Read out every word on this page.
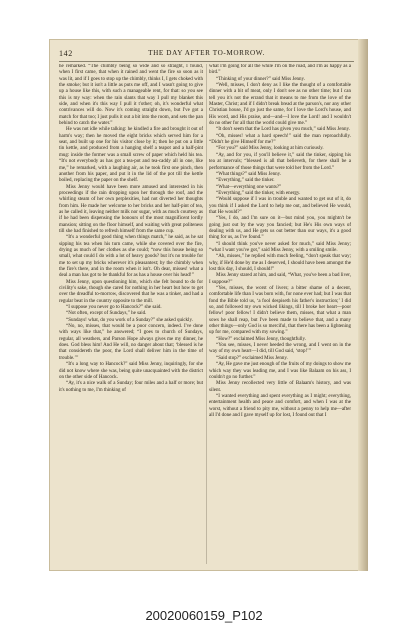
142	THE DAY AFTER TO-MORROW.

he remarked. “The chimbly being so wide and so straight, I found, when I first came, that when it rained and went the fire so soon as it was lit, and if I goes to stop up the chimbly, thinks I, I gets choked with the smoke; but it isn't a little as puts me off, and I wasn't going to give up a house like this, with such a manageable rent, for that: so you see this is my way: when the rain slants that way I pull my blanket this side, and when it's this way I pull it t'other; oh, it's wonderful what contrivances will do. Now it's coming straight down, but I've got a match for that too; I just pulls it out a bit into the room, and sets the pan behind to catch the water.”

He was not idle while talking: he kindled a fire and brought it out of harm's way; then he moved the eight bricks which served him for a seat, and built up one for his visitor close by it; then he put on a little tin kettle, and produced from a hanging shelf a teapot and a half-pint mug: inside the former was a small screw of paper which held his tea. “It's not everybody as has got a tea-pot and tea-caddy all in one, like me,” he remarked, with a laughing air, as he took first one pinch, then another from his paper, and put it in the lid of the pot till the kettle boiled, replacing the paper on the shelf.

Miss Jenny would have been more amused and interested in his proceedings if the rain dropping upon her through the roof, and the whirling steam of her own perplexities, had not diverted her thoughts from him. He made her welcome to her bricks and her half-pint of tea, as he called it, leaving neither milk nor sugar, with as much courtesy as if he had been dispensing the honours of the most magnificent lordly mansion; sitting on the floor himself, and waiting with great politeness till she had finished to refresh himself from the same cup.

“It's a wonderful good thing when things match,” he said, as he sat sipping his tea when his turn came, while she covered over the fire, drying as much of her clothes as she could; “now this house being so small, what could I do with a lot of heavy goods? but it's no trouble for me to set up my bricks wherever it's pleasantest; by the chimbly when the fire's there, and in the room when it isn't. Oh dear, misses! what a deal a man has got to be thankful for as has a house over his head!”

Miss Jenny, upon questioning him, which she felt bound to do for civility's sake, though she cared for nothing in her heart but how to get over the dreadful to-morrow, discovered that he was a tinker, and had a regular beat in the country opposite to the mill.

“I suppose you never go to Hancock?” she said.

“Not often, except of Sundays,” he said.

“Sundays! what, do you work of a Sunday?” she asked quickly.

“No, no, misses, that would be a poor concern, indeed. I've done with ways like that,” he answered; “I goes to church of Sundays, regular, all weathers, and Parson Hope always gives me my dinner, he does. God bless him! And He will, no danger about that; ‘blessed is he that considereth the poor, the Lord shall deliver him in the time of trouble.’”

“It's a long way to Hancock?” said Miss Jenny, inquiringly, for she did not know where she was, being quite unacquainted with the district on the other side of Hancock.

“Ay, it's a nice walk of a Sunday; four miles and a half or more; but it's nothing to me, I'm thinking of

what I'm going for all the while I'm on the road, and I'm as happy as a bird.”

“Thinking of your dinner?” said Miss Jenny.

“Well, misses, I don't deny as I like the thought of a comfortable dinner with a bit of meat, only I don't see as no other time; but I can tell you it's not the errand that it means to me from the love of the Master, Christ; and if I didn't break bread at the parson's, nor any other Christian house, I'd go just the same, for I love the Lord's house, and His word, and His praise, and—and—I love the Lord! and I wouldn't do no other for all that the world could give me.”

“It don't seem that the Lord has given you much,” said Miss Jenny.

“Oh, misses! what a hard speech!” said the man reproachfully. “Didn't he give Himself for me?”

“For you?” said Miss Jenny, looking at him curiously.

“Ay, and for you, if you'll believe it,” said the tinker, sipping his tea at intervals; “blessed is all that believeth, for there shall be a performance of those things that were told her from the Lord.”

“What things?” said Miss Jenny.

“Everything,” said the tinker.

“What—everything one wants?”

“Everything,” said the tinker, with energy.

“Would suppose if I was in trouble and wanted to get out of it, do you think if I asked the Lord to help me out, and believed He would, that He would?”

“Yes, I do, and I'm sure on it—but mind you, you mightn't be going just out by the way you fancied; but He's His own ways of dealing with us, and He gets us out better than our ways, it's a good thing for us, as I've found.”

“I should think you've never asked for much,” said Miss Jenny; “what I want you've got,” said Miss Jenny, with a smiling smile.

“Ah, misses,” he replied with much feeling, “don't speak that way; why, if He'd done by me as I deserved, I should have been amongst the lost this day, I should, I should!”

Miss Jenny stared at him, and said, “What, you've been a bad liver, I suppose?”

“Yes, misses, the worst of livers; a bitter shame of a decent, comfortable life than I was born with, for none ever had; but I was that fond the Bible told us, ‘a fool despiseth his father's instruction;’ I did so, and followed my own wicked likings, till I broke her heart—poor fellow! poor fellow! I didn't believe them, misses, that what a man sows he shall reap, but I've been made to believe that, and a many other things—only God is so merciful, that there has been a lightening up for me, compared with my sowing.”

“How?” exclaimed Miss Jenny, thoughtfully.

“You see, misses, I never heeded the wrong, and I went on in the way of my own heart—I did, till God said, ‘stop!’”

“Said stop?” exclaimed Miss Jenny.

“Ay, He gave me just enough of the fruits of my doings to show me which way they was leading me, and I was like Balaam on his ass, I couldn't go no further.”

Miss Jenny recollected very little of Balaam's history, and was silent.

“I wanted everything and spent everything as I might; everything, entertainment health and peace and comfort, and when I was at the worst, without a friend to pity me, without a penny to help me—after all I'd done and I gave myself up for lost, I found out that I

20020060159_P102
